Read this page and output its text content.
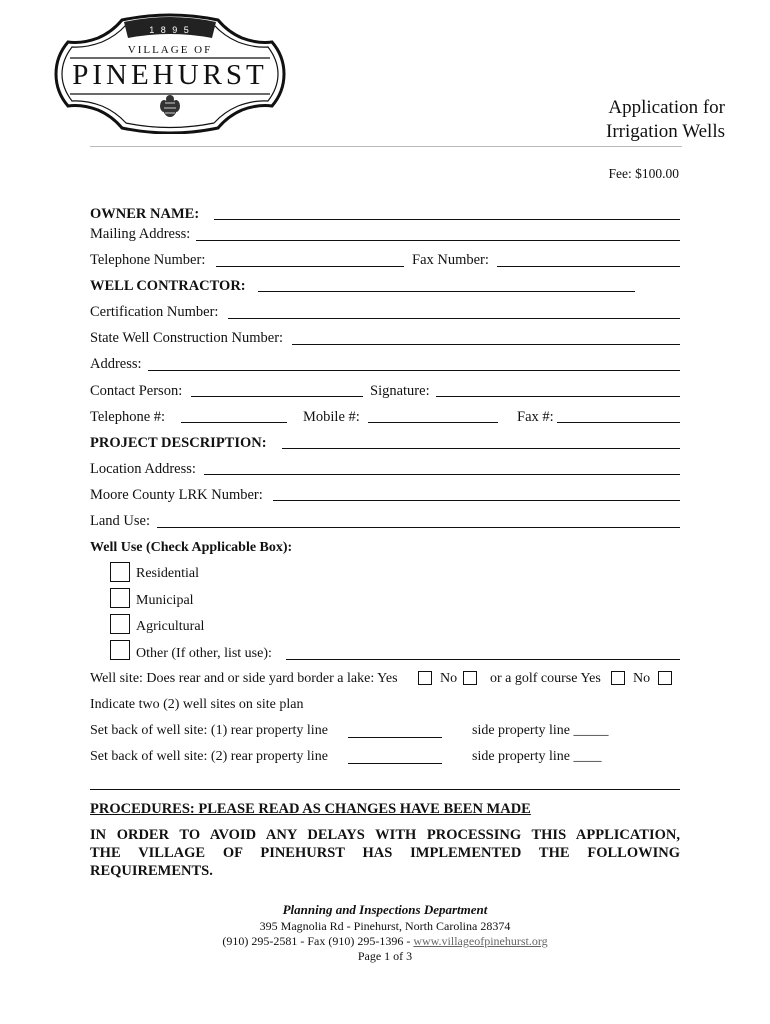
1 8 9 5
VILLAGE OF
PINEHURST
Application for
Irrigation Wells
Fee: $100.00
OWNER NAME:
Mailing Address:
Telephone Number:	Fax Number:
WELL CONTRACTOR:
Certification Number:
State Well Construction Number:
Address:
Contact Person:	Signature:
Telephone #:	Mobile #:	Fax #:
PROJECT DESCRIPTION:
Location Address:
Moore County LRK Number:
Land Use:
Well Use (Check Applicable Box):
Residential
Municipal
Agricultural
Other (If other, list use):
Well site: Does rear and or side yard border a lake: Yes	No or a golf course Yes No
Indicate two (2) well sites on site plan
Set back of well site: (1) rear property line	side property line _____
Set back of well site: (2) rear property line	side property line ____
PROCEDURES: PLEASE READ AS CHANGES HAVE BEEN MADE
IN ORDER TO AVOID ANY DELAYS WITH PROCESSING THIS APPLICATION,
THE VILLAGE OF PINEHURST HAS IMPLEMENTED THE FOLLOWING
REQUIREMENTS.
Planning and Inspections Department
395 Magnolia Rd - Pinehurst, North Carolina 28374
(910) 295-2581 - Fax (910) 295-1396 - www.villageofpinehurst.org
Page 1 of 3
